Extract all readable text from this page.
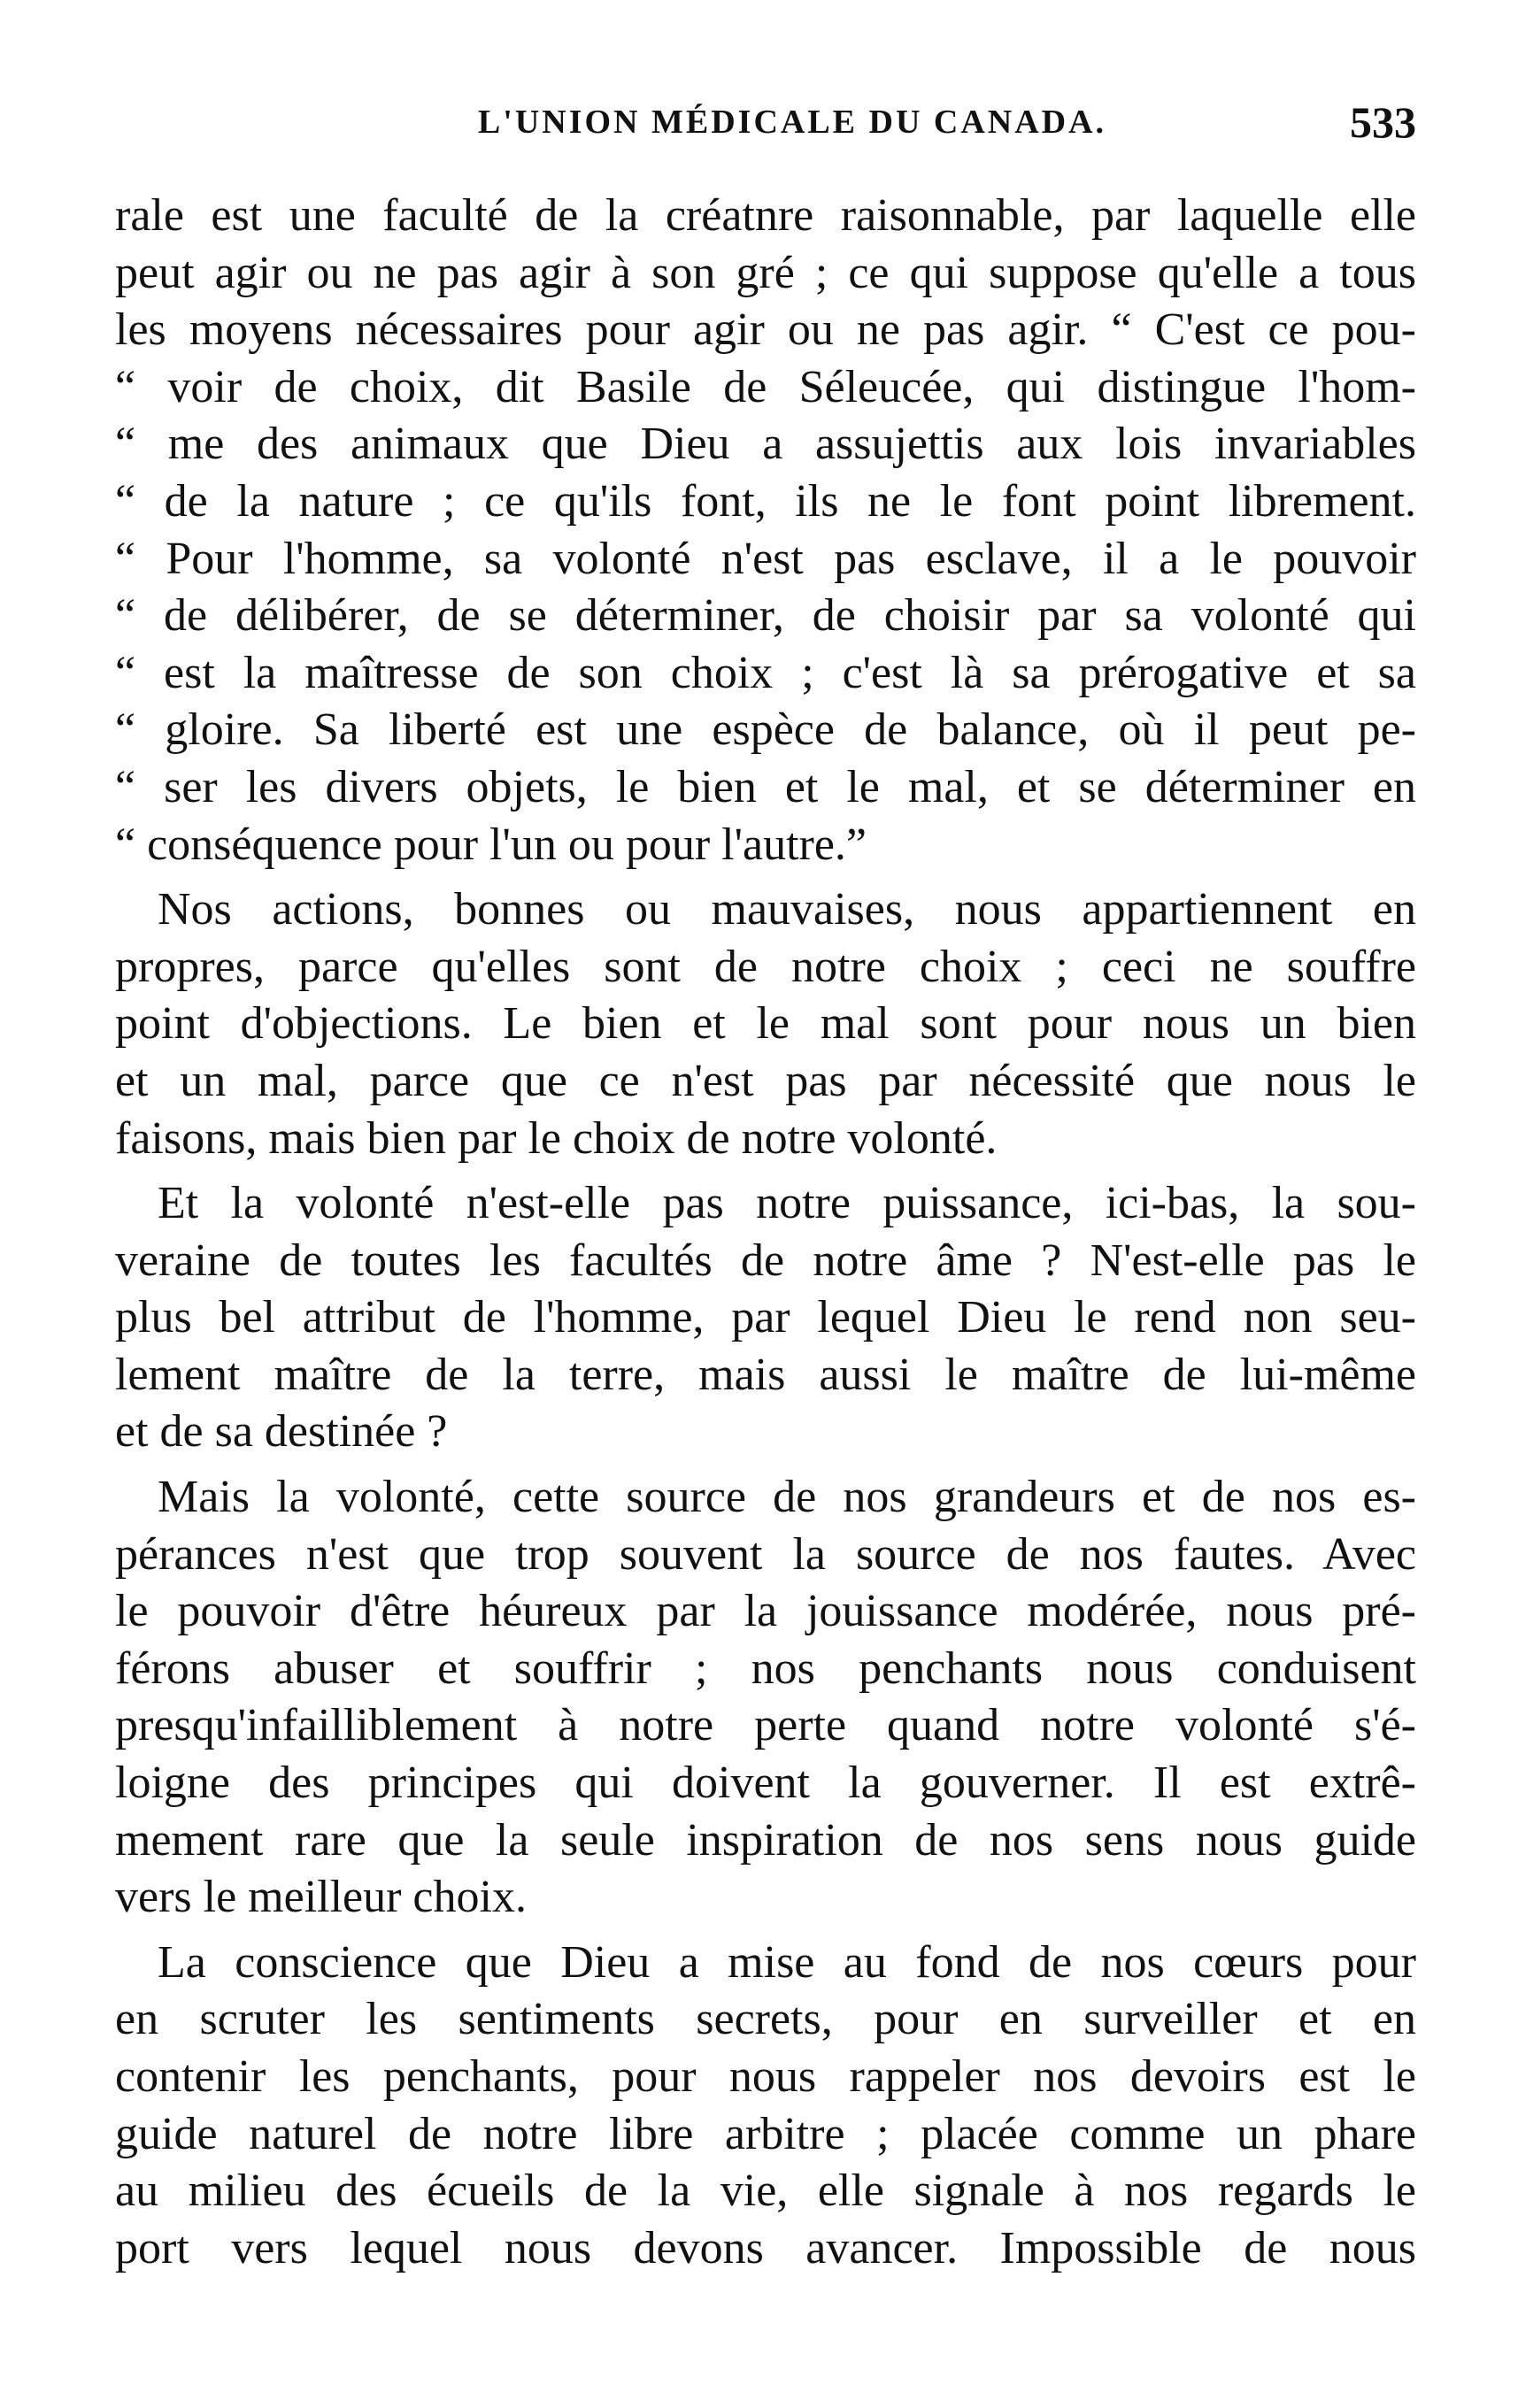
L'UNION MÉDICALE DU CANADA.	533
rale est une faculté de la créatnre raisonnable, par laquelle elle
peut agir ou ne pas agir à son gré ; ce qui suppose qu'elle a tous
les moyens nécessaires pour agir ou ne pas agir. “ C'est ce pou-
“ voir de choix, dit Basile de Séleucée, qui distingue l'hom-
“ me des animaux que Dieu a assujettis aux lois invariables
“ de la nature ; ce qu'ils font, ils ne le font point librement.
“ Pour l'homme, sa volonté n'est pas esclave, il a le pouvoir
“ de délibérer, de se déterminer, de choisir par sa volonté qui
“ est la maîtresse de son choix ; c'est là sa prérogative et sa
“ gloire. Sa liberté est une espèce de balance, où il peut pe-
“ ser les divers objets, le bien et le mal, et se déterminer en
“ conséquence pour l'un ou pour l'autre.”
Nos actions, bonnes ou mauvaises, nous appartiennent en
propres, parce qu'elles sont de notre choix ; ceci ne souffre
point d'objections. Le bien et le mal sont pour nous un bien
et un mal, parce que ce n'est pas par nécessité que nous le
faisons, mais bien par le choix de notre volonté.
Et la volonté n'est-elle pas notre puissance, ici-bas, la sou-
veraine de toutes les facultés de notre âme ? N'est-elle pas le
plus bel attribut de l'homme, par lequel Dieu le rend non seu-
lement maître de la terre, mais aussi le maître de lui-même
et de sa destinée ?
Mais la volonté, cette source de nos grandeurs et de nos es-
pérances n'est que trop souvent la source de nos fautes. Avec
le pouvoir d'être héureux par la jouissance modérée, nous pré-
férons abuser et souffrir ; nos penchants nous conduisent
presqu'infailliblement à notre perte quand notre volonté s'é-
loigne des principes qui doivent la gouverner. Il est extrê-
mement rare que la seule inspiration de nos sens nous guide
vers le meilleur choix.
La conscience que Dieu a mise au fond de nos cœurs pour
en scruter les sentiments secrets, pour en surveiller et en
contenir les penchants, pour nous rappeler nos devoirs est le
guide naturel de notre libre arbitre ; placée comme un phare
au milieu des écueils de la vie, elle signale à nos regards le
port vers lequel nous devons avancer. Impossible de nous
